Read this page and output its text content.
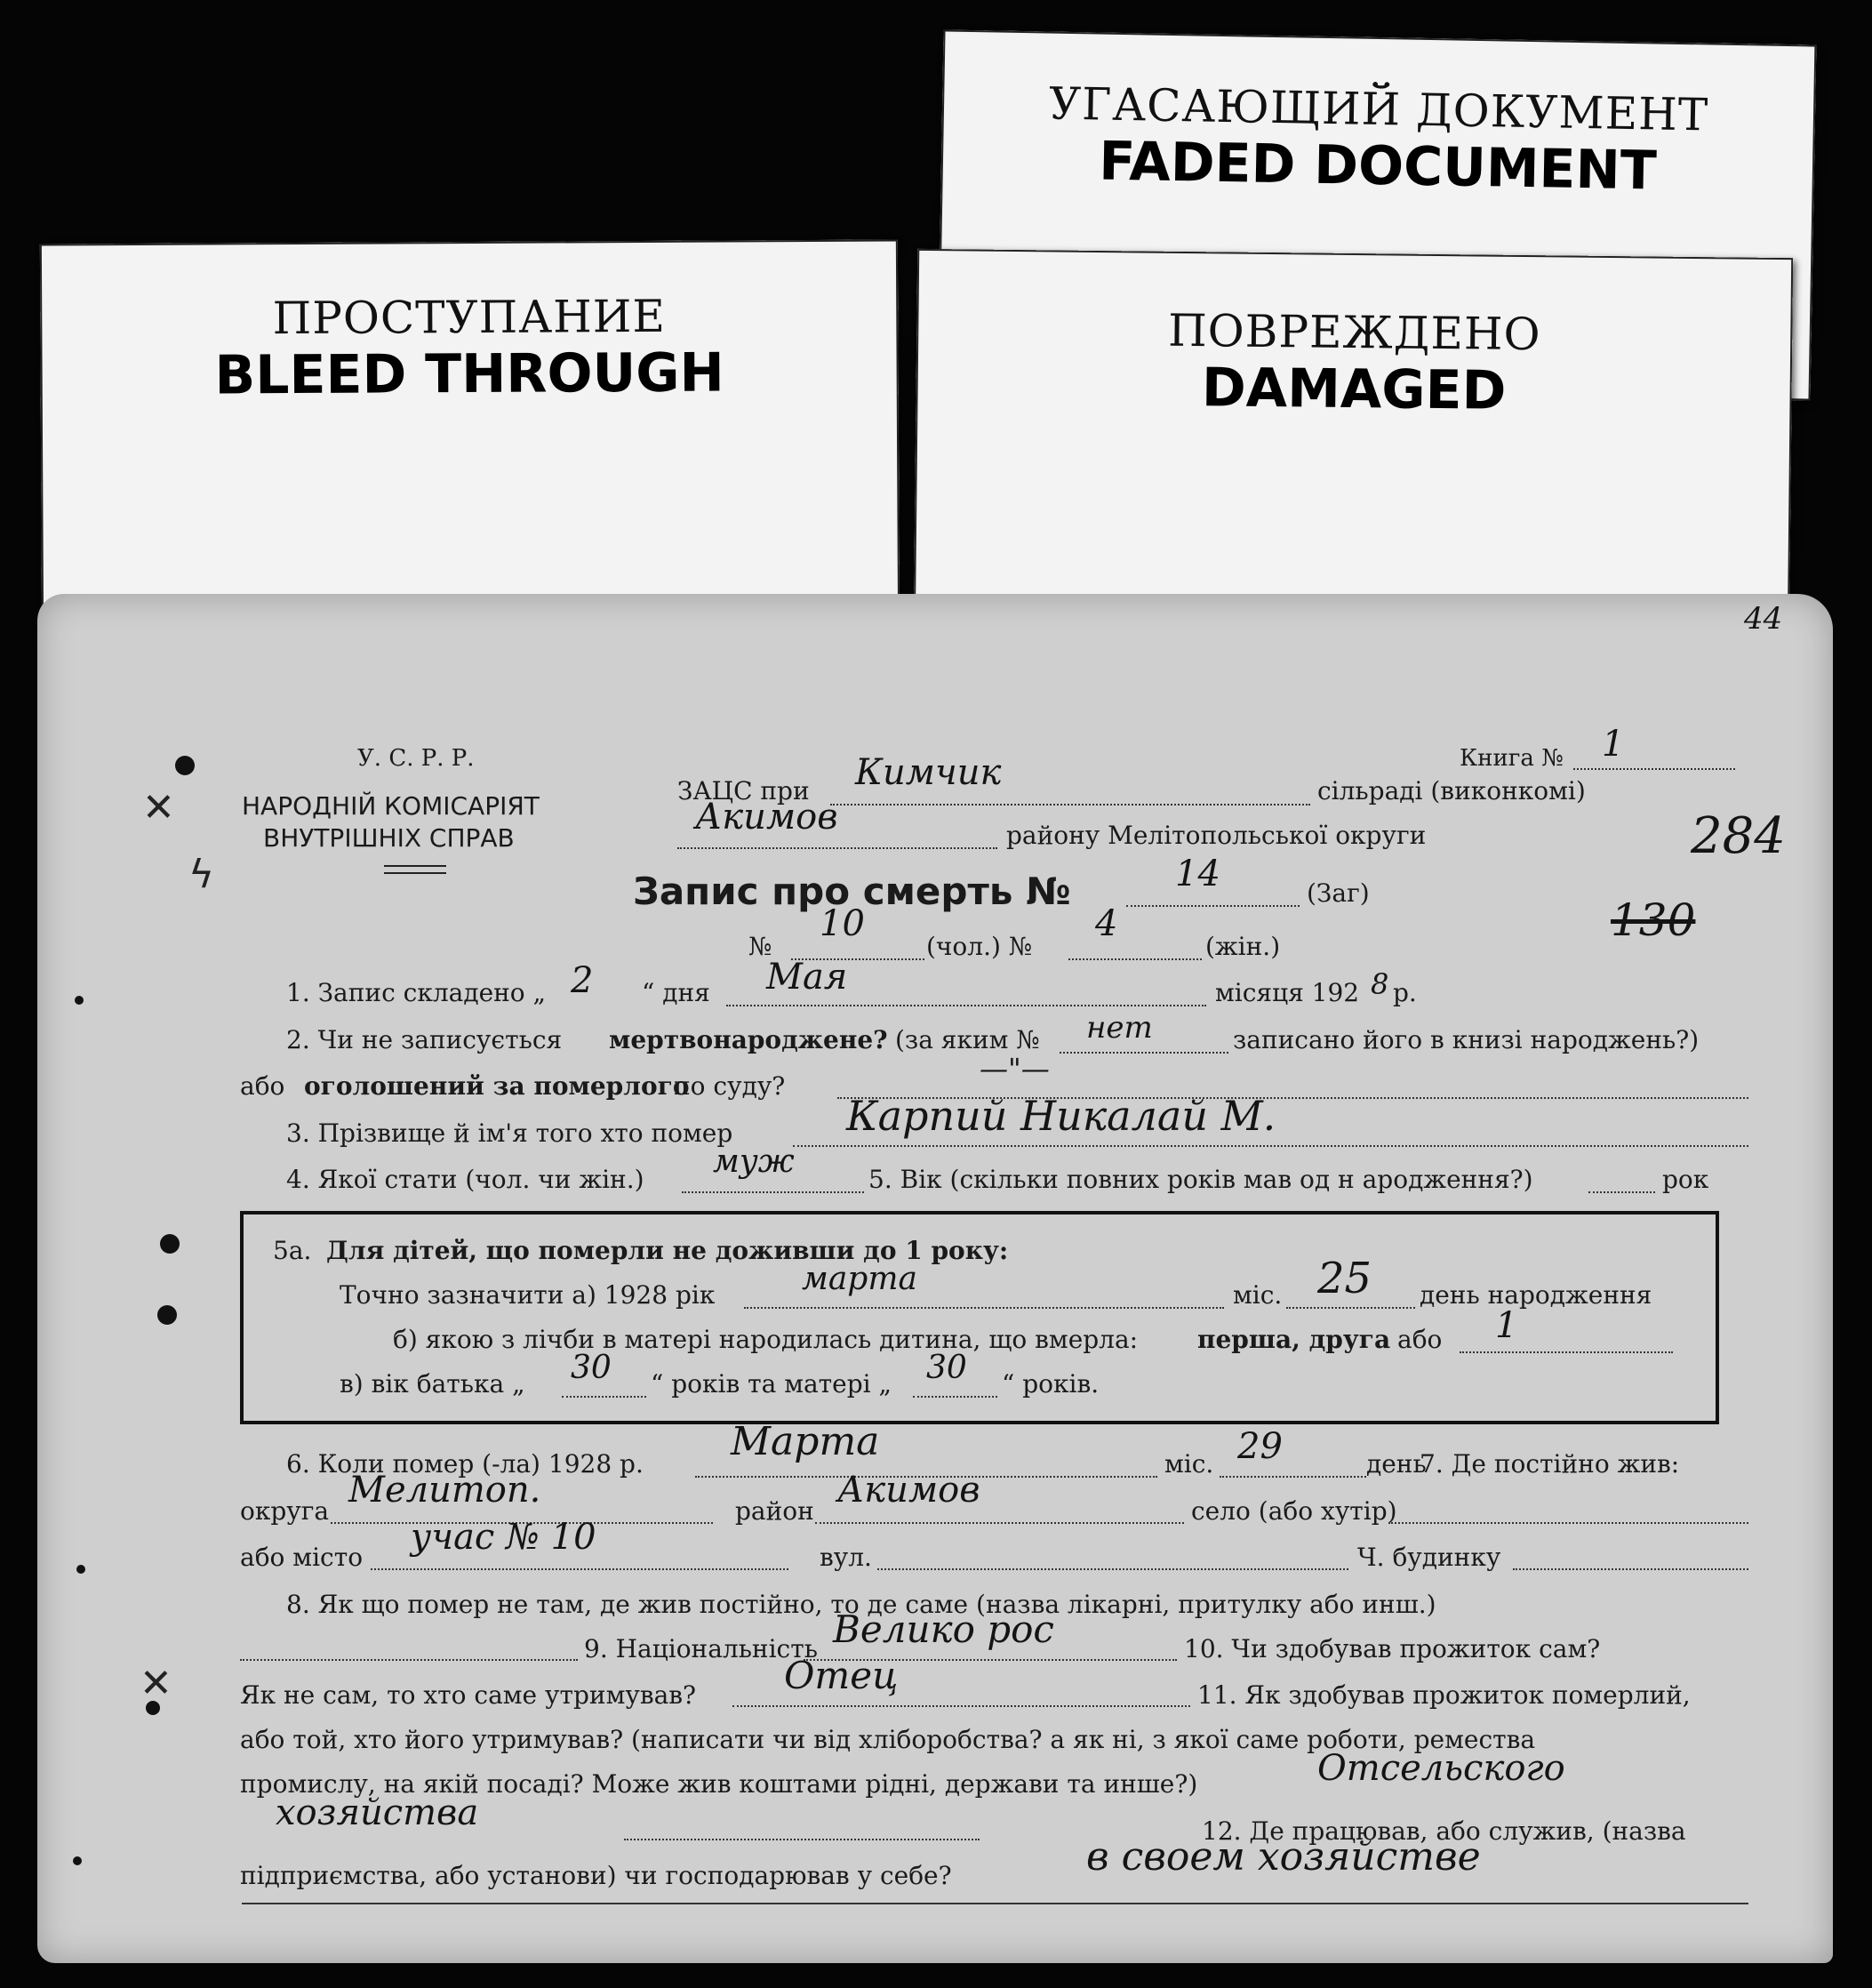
УГАСАЮЩИЙ ДОКУМЕНТ
FADED DOCUMENT
ПРОСТУПАНИЕ
BLEED THROUGH
ПОВРЕЖДЕНО
DAMAGED
✕
ϟ
✕
44
284
130
У. С. Р. Р.
НАРОДНІЙ КОМІСАРІЯТ
ВНУТРІШНІХ СПРАВ
Книга № 1
ЗАЦС при Кимчик	сільраді (виконкомі)
Акимов	району Мелітопольської округи
Запис про смерть №	14	(Заг)
№
10
(чол.) №
4
(жін.)
1. Запис складено „ 2 “ дня Мая	місяця 192 8 р.
2. Чи не записується мертвонароджене? (за яким № нет	записано його в книзі народжень?)
або оголошений за померлого
по суду?
—"—
3. Прізвище й ім'я того хто помер	Карпий Никалай М.
4. Якої стати (чол. чи жін.) муж	5. Вік (скільки повних років мав од н ародження?)	рок
5а. Для дітей, що померли не доживши до 1 року:
Точно зазначити а) 1928 рік	марта	міс. 25 день народження
б) якою з лічби в матері народилась дитина, що вмерла: перша, друга або 1
в) вік батька „ 30 “ років та матері „ 30 “ років.
6. Коли помер (-ла) 1928 р. Марта	міс. 29	день
7. Де постійно жив:
округа
Мелитоп.
район
Акимов
село (або хутір)
або місто учас № 10	вул.	Ч. будинку
8. Як що помер не там, де жив постійно, то де саме (назва лікарні, притулку або инш.)
9. Національність Велико рос	10. Чи здобував прожиток сам?
Як не сам, то хто саме утримував? Отец	11. Як здобував прожиток померлий,
або той, хто його утримував? (написати чи від хліборобства? а як ні, з якої саме роботи, ремества
промислу, на якій посаді? Може жив коштами рідні, держави та инше?)	Отсельского
хозяйства	12. Де працював, або служив, (назва
підприємства, або установи) чи господарював у себе?	в своем хозяйстве
